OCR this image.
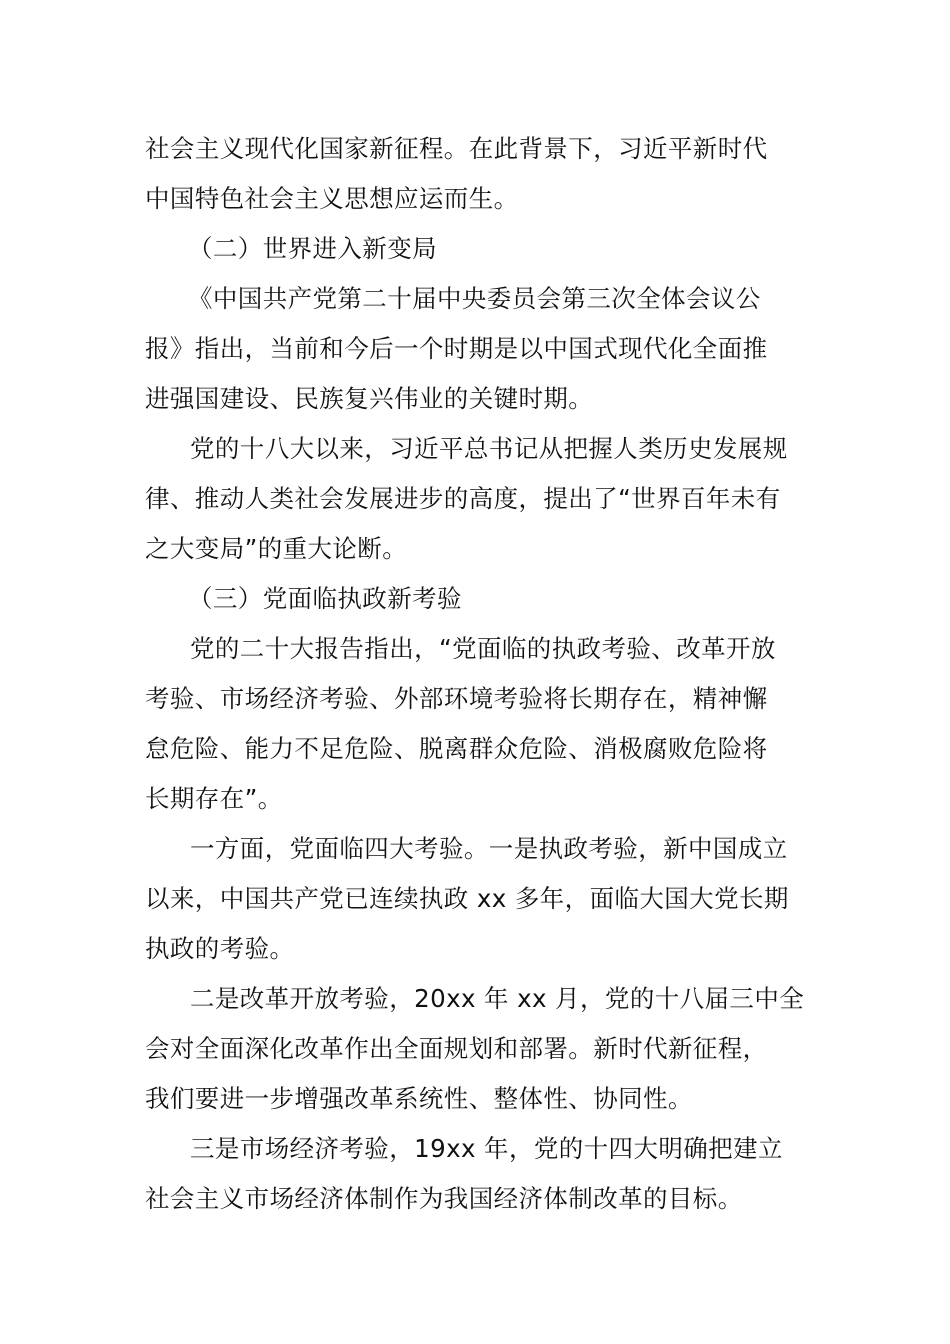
社会主义现代化国家新征程。在此背景下，习近平新时代
中国特色社会主义思想应运而生。
（二）世界进入新变局
《中国共产党第二十届中央委员会第三次全体会议公
报》指出，当前和今后一个时期是以中国式现代化全面推
进强国建设、民族复兴伟业的关键时期。
党的十八大以来，习近平总书记从把握人类历史发展规
律、推动人类社会发展进步的高度，提出了“世界百年未有
之大变局”的重大论断。
（三）党面临执政新考验
党的二十大报告指出，“党面临的执政考验、改革开放
考验、市场经济考验、外部环境考验将长期存在，精神懈
怠危险、能力不足危险、脱离群众危险、消极腐败危险将
长期存在”。
一方面，党面临四大考验。一是执政考验，新中国成立
以来，中国共产党已连续执政 xx 多年，面临大国大党长期
执政的考验。
二是改革开放考验，20xx 年 xx 月，党的十八届三中全
会对全面深化改革作出全面规划和部署。新时代新征程，
我们要进一步增强改革系统性、整体性、协同性。
三是市场经济考验，19xx 年，党的十四大明确把建立
社会主义市场经济体制作为我国经济体制改革的目标。
